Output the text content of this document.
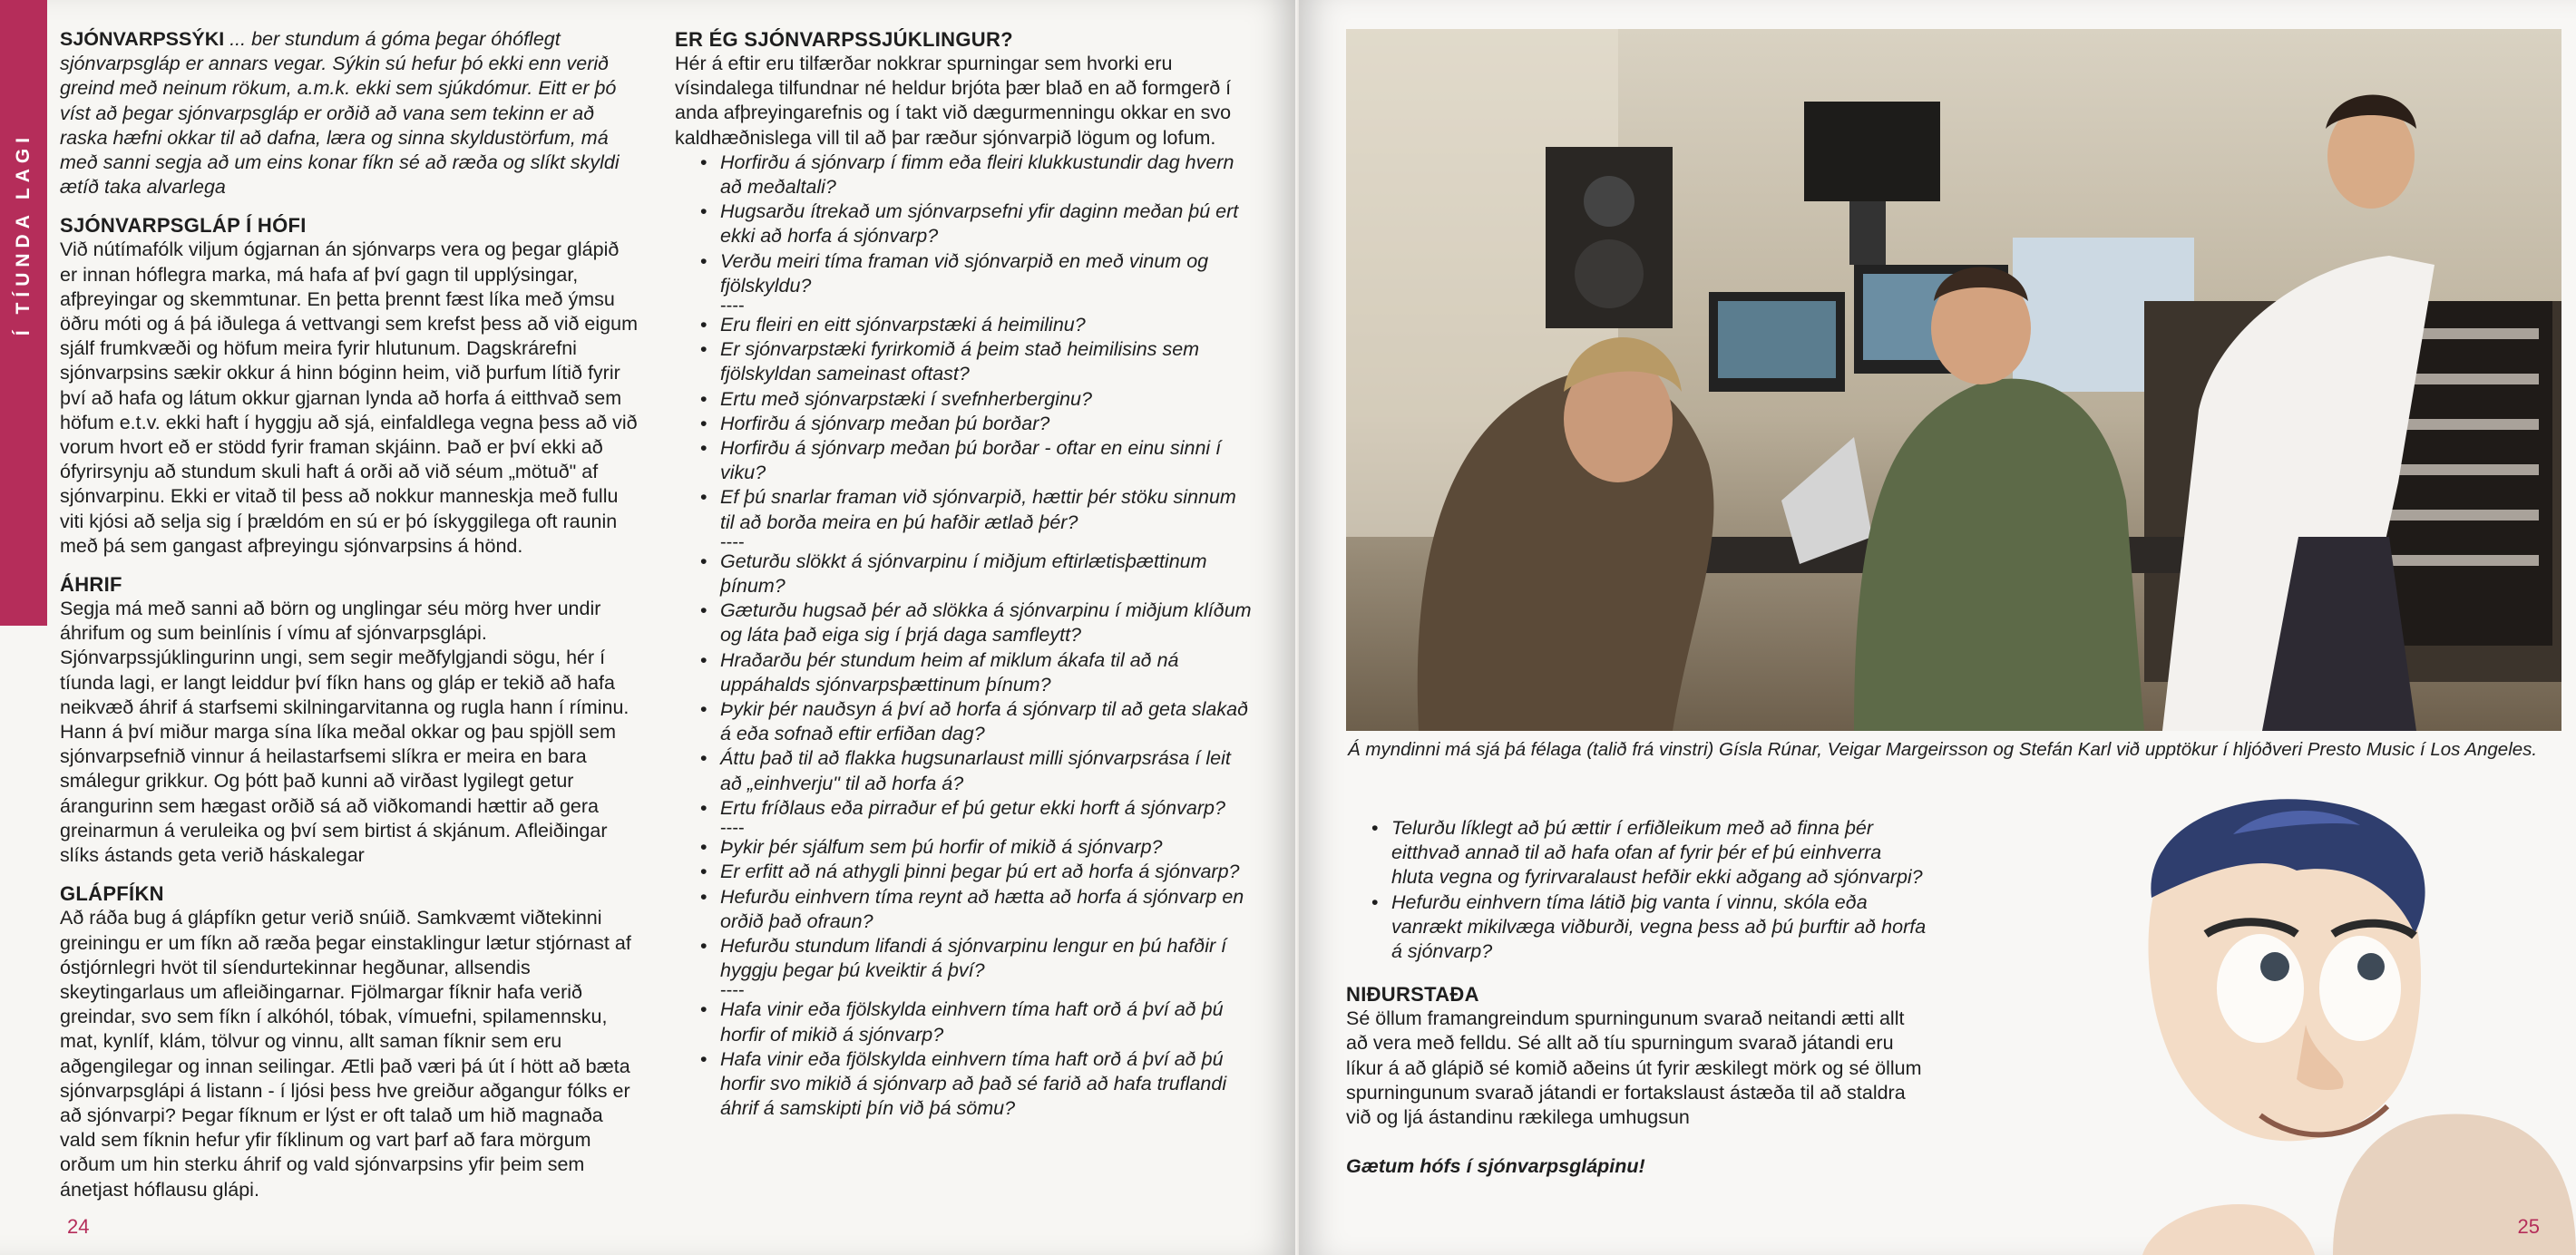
Í TÍUNDA LAGI

SJÓNVARPSSÝKI ... ber stundum á góma þegar óhóflegt sjónvarpsgláp er annars vegar. Sýkin sú hefur þó ekki enn verið greind með neinum rökum, a.m.k. ekki sem sjúkdómur. Eitt er þó víst að þegar sjónvarpsgláp er orðið að vana sem tekinn er að raska hæfni okkar til að dafna, læra og sinna skyldustörfum, má með sanni segja að um eins konar fíkn sé að ræða og slíkt skyldi ætíð taka alvarlega

SJÓNVARPSGLÁP Í HÓFI

Við nútímafólk viljum ógjarnan án sjónvarps vera og þegar glápið er innan hóflegra marka, má hafa af því gagn til upplýsingar, afþreyingar og skemmtunar. En þetta þrennt fæst líka með ýmsu öðru móti og á þá iðulega á vettvangi sem krefst þess að við eigum sjálf frumkvæði og höfum meira fyrir hlutunum. Dagskrárefni sjónvarpsins sækir okkur á hinn bóginn heim, við þurfum lítið fyrir því að hafa og látum okkur gjarnan lynda að horfa á eitthvað sem höfum e.t.v. ekki haft í hyggju að sjá, einfaldlega vegna þess að við vorum hvort eð er stödd fyrir framan skjáinn. Það er því ekki að ófyrirsynju að stundum skuli haft á orði að við séum „mötuð" af sjónvarpinu. Ekki er vitað til þess að nokkur manneskja með fullu viti kjósi að selja sig í þrældóm en sú er þó ískyggilega oft raunin með þá sem gangast afþreyingu sjónvarpsins á hönd.

ÁHRIF

Segja má með sanni að börn og unglingar séu mörg hver undir áhrifum og sum beinlínis í vímu af sjónvarpsglápi. Sjónvarpssjúklingurinn ungi, sem segir meðfylgjandi sögu, hér í tíunda lagi, er langt leiddur því fíkn hans og gláp er tekið að hafa neikvæð áhrif á starfsemi skilningarvitanna og rugla hann í ríminu. Hann á því miður marga sína líka meðal okkar og þau spjöll sem sjónvarpsefnið vinnur á heilastarfsemi slíkra er meira en bara smálegur grikkur. Og þótt það kunni að virðast lygilegt getur árangurinn sem hægast orðið sá að viðkomandi hættir að gera greinarmun á veruleika og því sem birtist á skjánum. Afleiðingar slíks ástands geta verið háskalegar

GLÁPFÍKN

Að ráða bug á glápfíkn getur verið snúið. Samkvæmt viðtekinni greiningu er um fíkn að ræða þegar einstaklingur lætur stjórnast af óstjórnlegri hvöt til síendurtekinnar hegðunar, allsendis skeytingarlaus um afleiðingarnar. Fjölmargar fíknir hafa verið greindar, svo sem fíkn í alkóhól, tóbak, vímuefni, spilamennsku, mat, kynlíf, klám, tölvur og vinnu, allt saman fíknir sem eru aðgengilegar og innan seilingar. Ætli það væri þá út í hött að bæta sjónvarpsglápi á listann - í ljósi þess hve greiður aðgangur fólks er að sjónvarpi? Þegar fíknum er lýst er oft talað um hið magnaða vald sem fíknin hefur yfir fíklinum og vart þarf að fara mörgum orðum um hin sterku áhrif og vald sjónvarpsins yfir þeim sem ánetjast hóflausu glápi.

ER ÉG SJÓNVARPSSJÚKLINGUR?

Hér á eftir eru tilfærðar nokkrar spurningar sem hvorki eru vísindalega tilfundnar né heldur brjóta þær blað en að formgerð í anda afþreyingarefnis og í takt við dægurmenningu okkar en svo kaldhæðnislega vill til að þar ræður sjónvarpið lögum og lofum.

• Horfirðu á sjónvarp í fimm eða fleiri klukkustundir dag hvern að meðaltali?
• Hugsarðu ítrekað um sjónvarpsefni yfir daginn meðan þú ert ekki að horfa á sjónvarp?
• Verðu meiri tíma framan við sjónvarpið en með vinum og fjölskyldu?
----
• Eru fleiri en eitt sjónvarpstæki á heimilinu?
• Er sjónvarpstæki fyrirkomið á þeim stað heimilisins sem fjölskyldan sameinast oftast?
• Ertu með sjónvarpstæki í svefnherberginu?
• Horfirðu á sjónvarp meðan þú borðar?
• Horfirðu á sjónvarp meðan þú borðar - oftar en einu sinni í viku?
• Ef þú snarlar framan við sjónvarpið, hættir þér stöku sinnum til að borða meira en þú hafðir ætlað þér?
----
• Geturðu slökkt á sjónvarpinu í miðjum eftirlætisþættinum þínum?
• Gæturðu hugsað þér að slökka á sjónvarpinu í miðjum klíðum og láta það eiga sig í þrjá daga samfleytt?
• Hraðarðu þér stundum heim af miklum ákafa til að ná uppáhalds sjónvarpsþættinum þínum?
• Þykir þér nauðsyn á því að horfa á sjónvarp til að geta slakað á eða sofnað eftir erfiðan dag?
• Áttu það til að flakka hugsunarlaust milli sjónvarpsrása í leit að „einhverju" til að horfa á?
• Ertu fríðlaus eða pirraður ef þú getur ekki horft á sjónvarp?
----
• Þykir þér sjálfum sem þú horfir of mikið á sjónvarp?
• Er erfitt að ná athygli þinni þegar þú ert að horfa á sjónvarp?
• Hefurðu einhvern tíma reynt að hætta að horfa á sjónvarp en orðið það ofraun?
• Hefurðu stundum lifandi á sjónvarpinu lengur en þú hafðir í hyggju þegar þú kveiktir á því?
----
• Hafa vinir eða fjölskylda einhvern tíma haft orð á því að þú horfir of mikið á sjónvarp?
• Hafa vinir eða fjölskylda einhvern tíma haft orð á því að þú horfir svo mikið á sjónvarp að það sé farið að hafa truflandi áhrif á samskipti þín við þá sömu?
24
Á myndinni má sjá þá félaga (talið frá vinstri) Gísla Rúnar, Veigar Margeirsson og Stefán Karl við upptökur í hljóðveri Presto Music í Los Angeles.
• Telurðu líklegt að þú ættir í erfiðleikum með að finna þér eitthvað annað til að hafa ofan af fyrir þér ef þú einhverra hluta vegna og fyrirvaralaust hefðir ekki aðgang að sjónvarpi?
• Hefurðu einhvern tíma látið þig vanta í vinnu, skóla eða vanrækt mikilvæga viðburði, vegna þess að þú þurftir að horfa á sjónvarp?
NIÐURSTAÐA

Sé öllum framangreindum spurningunum svarað neitandi ætti allt að vera með felldu. Sé allt að tíu spurningum svarað játandi eru líkur á að glápið sé komið aðeins út fyrir æskilegt mörk og sé öllum spurningunum svarað játandi er fortakslaust ástæða til að staldra við og ljá ástandinu rækilega umhugsun

Gætum hófs í sjónvarpsglápinu!

25
